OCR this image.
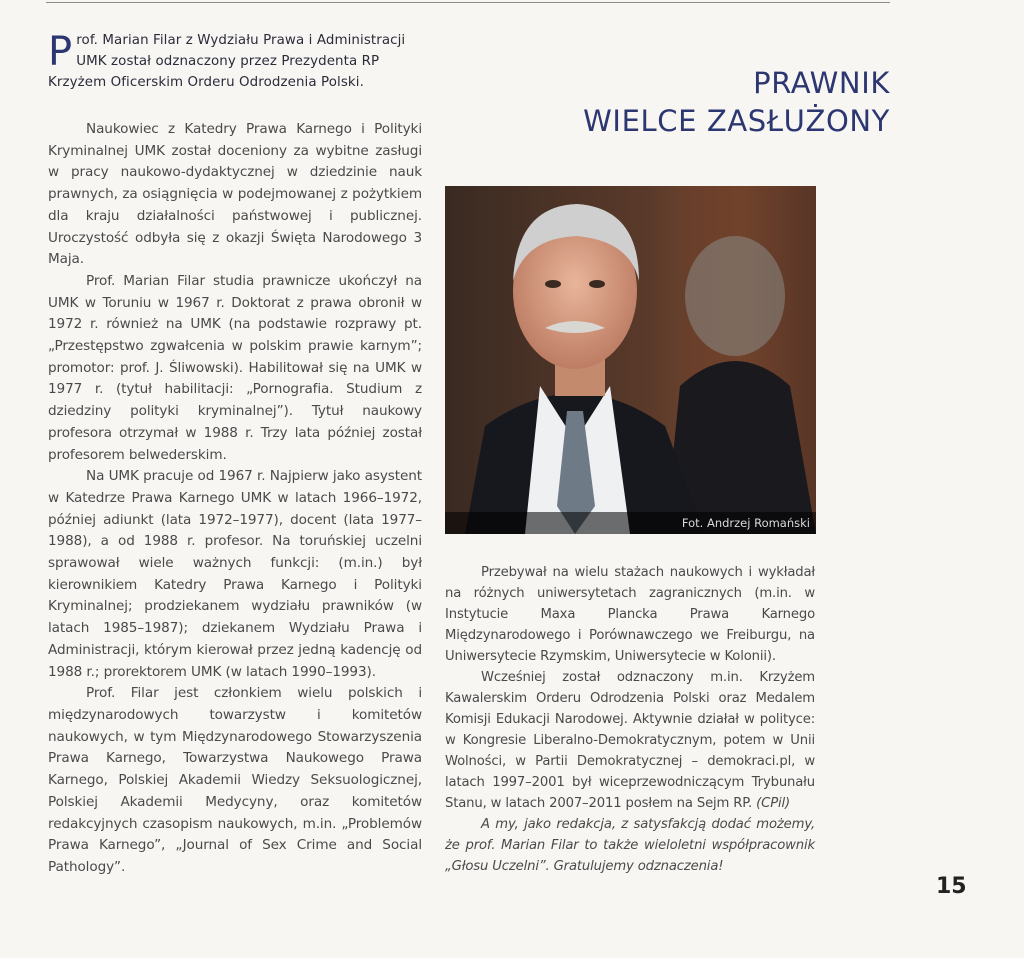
Prof. Marian Filar z Wydziału Prawa i Administracji UMK został odznaczony przez Prezydenta RP Krzyżem Oficerskim Orderu Odrodzenia Polski.

Naukowiec z Katedry Prawa Karnego i Polityki Kryminalnej UMK został doceniony za wybitne zasługi w pracy naukowo-dydaktycznej w dziedzinie nauk prawnych, za osiągnięcia w podejmowanej z pożytkiem dla kraju działalności państwowej i publicznej. Uroczystość odbyła się z okazji Święta Narodowego 3 Maja.

Prof. Marian Filar studia prawnicze ukończył na UMK w Toruniu w 1967 r. Doktorat z prawa obronił w 1972 r. również na UMK (na podstawie rozprawy pt. „Przestępstwo zgwałcenia w polskim prawie karnym”; promotor: prof. J. Śliwowski). Habilitował się na UMK w 1977 r. (tytuł habilitacji: „Pornografia. Studium z dziedziny polityki kryminalnej”). Tytuł naukowy profesora otrzymał w 1988 r. Trzy lata później został profesorem belwederskim.

Na UMK pracuje od 1967 r. Najpierw jako asystent w Katedrze Prawa Karnego UMK w latach 1966–1972, później adiunkt (lata 1972–1977), docent (lata 1977–1988), a od 1988 r. profesor. Na toruńskiej uczelni sprawował wiele ważnych funkcji: (m.in.) był kierownikiem Katedry Prawa Karnego i Polityki Kryminalnej; prodziekanem wydziału prawników (w latach 1985–1987); dziekanem Wydziału Prawa i Administracji, którym kierował przez jedną kadencję od 1988 r.; prorektorem UMK (w latach 1990–1993).

Prof. Filar jest członkiem wielu polskich i międzynarodowych towarzystw i komitetów naukowych, w tym Międzynarodowego Stowarzyszenia Prawa Karnego, Towarzystwa Naukowego Prawa Karnego, Polskiej Akademii Wiedzy Seksuologicznej, Polskiej Akademii Medycyny, oraz komitetów redakcyjnych czasopism naukowych, m.in. „Problemów Prawa Karnego”, „Journal of Sex Crime and Social Pathology”.

PRAWNIK
WIELCE ZASŁUŻONY
Fot. Andrzej Romański

Przebywał na wielu stażach naukowych i wykładał na różnych uniwersytetach zagranicznych (m.in. w Instytucie Maxa Plancka Prawa Karnego Międzynarodowego i Porównawczego we Freiburgu, na Uniwersytecie Rzymskim, Uniwersytecie w Kolonii).

Wcześniej został odznaczony m.in. Krzyżem Kawalerskim Orderu Odrodzenia Polski oraz Medalem Komisji Edukacji Narodowej. Aktywnie działał w polityce: w Kongresie Liberalno-Demokratycznym, potem w Unii Wolności, w Partii Demokratycznej – demokraci.pl, w latach 1997–2001 był wiceprzewodniczącym Trybunału Stanu, w latach 2007–2011 posłem na Sejm RP. (CPil)

A my, jako redakcja, z satysfakcją dodać możemy, że prof. Marian Filar to także wieloletni współpracownik „Głosu Uczelni”. Gratulujemy odznaczenia!

15
